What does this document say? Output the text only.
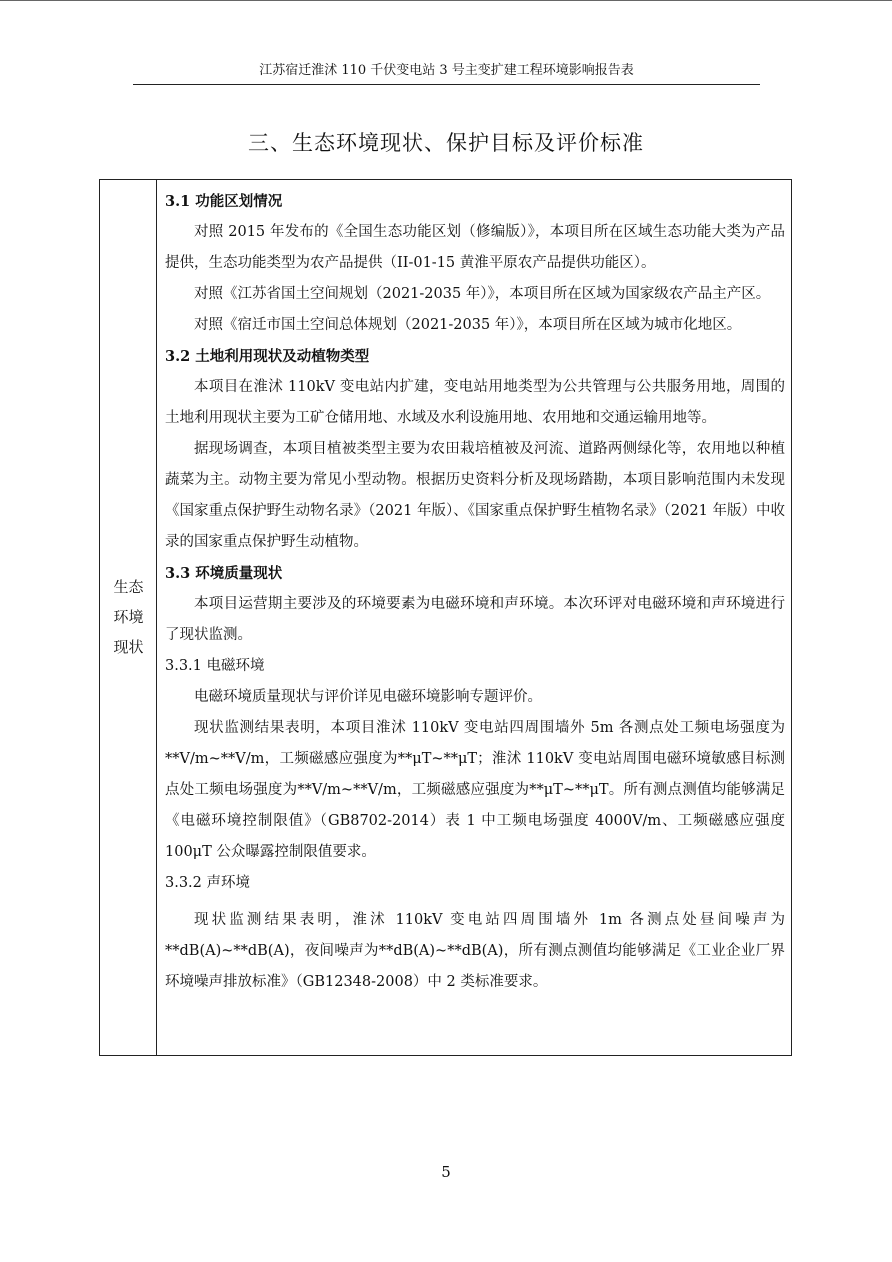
江苏宿迁淮沭 110 千伏变电站 3 号主变扩建工程环境影响报告表
三、生态环境现状、保护目标及评价标准
生态
环境
现状

3.1 功能区划情况

对照 2015 年发布的《全国生态功能区划（修编版）》，本项目所在区域生态功能大类为产品提供，生态功能类型为农产品提供（II-01-15 黄淮平原农产品提供功能区）。

对照《江苏省国土空间规划（2021-2035 年）》，本项目所在区域为国家级农产品主产区。

对照《宿迁市国土空间总体规划（2021-2035 年）》，本项目所在区域为城市化地区。

3.2 土地利用现状及动植物类型

本项目在淮沭 110kV 变电站内扩建，变电站用地类型为公共管理与公共服务用地，周围的土地利用现状主要为工矿仓储用地、水域及水利设施用地、农用地和交通运输用地等。

据现场调查，本项目植被类型主要为农田栽培植被及河流、道路两侧绿化等，农用地以种植蔬菜为主。动物主要为常见小型动物。根据历史资料分析及现场踏勘，本项目影响范围内未发现《国家重点保护野生动物名录》（2021 年版）、《国家重点保护野生植物名录》（2021 年版）中收录的国家重点保护野生动植物。

3.3 环境质量现状

本项目运营期主要涉及的环境要素为电磁环境和声环境。本次环评对电磁环境和声环境进行了现状监测。

3.3.1 电磁环境

电磁环境质量现状与评价详见电磁环境影响专题评价。

现状监测结果表明，本项目淮沭 110kV 变电站四周围墙外 5m 各测点处工频电场强度为**V/m~**V/m，工频磁感应强度为**μT~**μT；淮沭 110kV 变电站周围电磁环境敏感目标测点处工频电场强度为**V/m~**V/m，工频磁感应强度为**μT~**μT。所有测点测值均能够满足《电磁环境控制限值》（GB8702-2014）表 1 中工频电场强度 4000V/m、工频磁感应强度 100μT 公众曝露控制限值要求。

3.3.2 声环境

现状监测结果表明，淮沭 110kV 变电站四周围墙外 1m 各测点处昼间噪声为**dB(A)~**dB(A)，夜间噪声为**dB(A)~**dB(A)，所有测点测值均能够满足《工业企业厂界环境噪声排放标准》（GB12348-2008）中 2 类标准要求。

5
